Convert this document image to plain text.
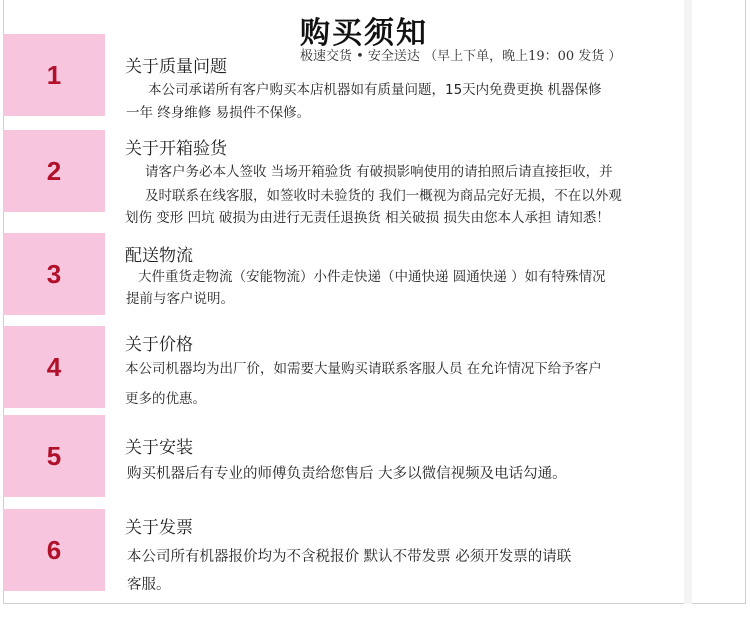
购买须知
极速交货 • 安全送达 （早上下单，晚上19：00 发货 ）
1	关于质量问题
本公司承诺所有客户购买本店机器如有质量问题，15天内免费更换 机器保修
一年 终身维修 易损件不保修。
2
关于开箱验货
请客户务必本人签收 当场开箱验货 有破损影响使用的请拍照后请直接拒收，并
及时联系在线客服，如签收时未验货的 我们一概视为商品完好无损，不在以外观
划伤 变形 凹坑 破损为由进行无责任退换货 相关破损 损失由您本人承担 请知悉！
3
配送物流
大件重货走物流（安能物流）小件走快递（中通快递 圆通快递 ）如有特殊情况
提前与客户说明。
4
关于价格
本公司机器均为出厂价，如需要大量购买请联系客服人员 在允许情况下给予客户
更多的优惠。
5	关于安装
购买机器后有专业的师傅负责给您售后 大多以微信视频及电话勾通。
6
关于发票
本公司所有机器报价均为不含税报价 默认不带发票 必须开发票的请联
客服。
